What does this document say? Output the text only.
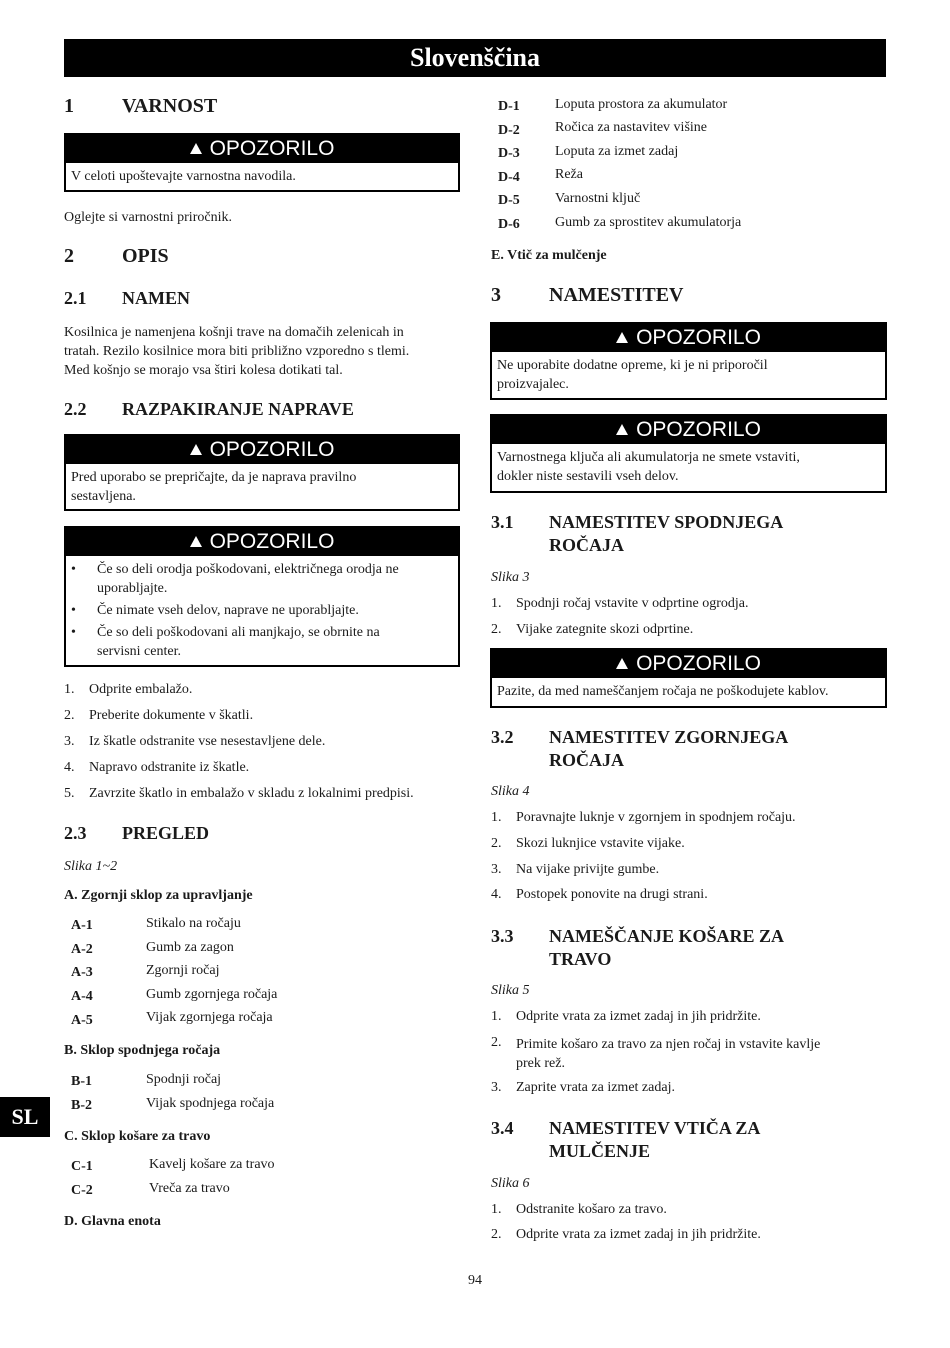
Slovenščina
1 VARNOST
OPOZORILO
V celoti upoštevajte varnostna navodila.
Oglejte si varnostni priročnik.
2 OPIS
2.1 NAMEN
Kosilnica je namenjena košnji trave na domačih zelenicah in
tratah. Rezilo kosilnice mora biti približno vzporedno s tlemi.
Med košnjo se morajo vsa štiri kolesa dotikati tal.
2.2 RAZPAKIRANJE NAPRAVE
OPOZORILO
Pred uporabo se prepričajte, da je naprava pravilno
sestavljena.
OPOZORILO
• Če so deli orodja poškodovani, električnega orodja ne
uporabljajte.
• Če nimate vseh delov, naprave ne uporabljajte.
• Če so deli poškodovani ali manjkajo, se obrnite na
servisni center.
1. Odprite embalažo.
2. Preberite dokumente v škatli.
3. Iz škatle odstranite vse nesestavljene dele.
4. Napravo odstranite iz škatle.
5. Zavrzite škatlo in embalažo v skladu z lokalnimi predpisi.
2.3 PREGLED
Slika 1~2
A. Zgornji sklop za upravljanje
A-1	Stikalo na ročaju
A-2	Gumb za zagon
A-3	Zgornji ročaj
A-4	Gumb zgornjega ročaja
A-5	Vijak zgornjega ročaja
B. Sklop spodnjega ročaja
B-1	Spodnji ročaj
B-2	Vijak spodnjega ročaja
C. Sklop košare za travo
C-1	Kavelj košare za travo
C-2	Vreča za travo
D. Glavna enota
SL
D-1	Loputa prostora za akumulator
D-2	Ročica za nastavitev višine
D-3	Loputa za izmet zadaj
D-4	Reža
D-5	Varnostni ključ
D-6	Gumb za sprostitev akumulatorja
E. Vtič za mulčenje
3 NAMESTITEV
OPOZORILO
Ne uporabite dodatne opreme, ki je ni priporočil
proizvajalec.
OPOZORILO
Varnostnega ključa ali akumulatorja ne smete vstaviti,
dokler niste sestavili vseh delov.
3.1 NAMESTITEV SPODNJEGA
ROČAJA
Slika 3
1. Spodnji ročaj vstavite v odprtine ogrodja.
2. Vijake zategnite skozi odprtine.
OPOZORILO
Pazite, da med nameščanjem ročaja ne poškodujete kablov.
3.2 NAMESTITEV ZGORNJEGA
ROČAJA
Slika 4
1. Poravnajte luknje v zgornjem in spodnjem ročaju.
2. Skozi luknjice vstavite vijake.
3. Na vijake privijte gumbe.
4. Postopek ponovite na drugi strani.
3.3 NAMEŠČANJE KOŠARE ZA
TRAVO
Slika 5
1. Odprite vrata za izmet zadaj in jih pridržite.
2. Primite košaro za travo za njen ročaj in vstavite kavlje
prek rež.
3. Zaprite vrata za izmet zadaj.
3.4 NAMESTITEV VTIČA ZA
MULČENJE
Slika 6
1. Odstranite košaro za travo.
2. Odprite vrata za izmet zadaj in jih pridržite.
94
